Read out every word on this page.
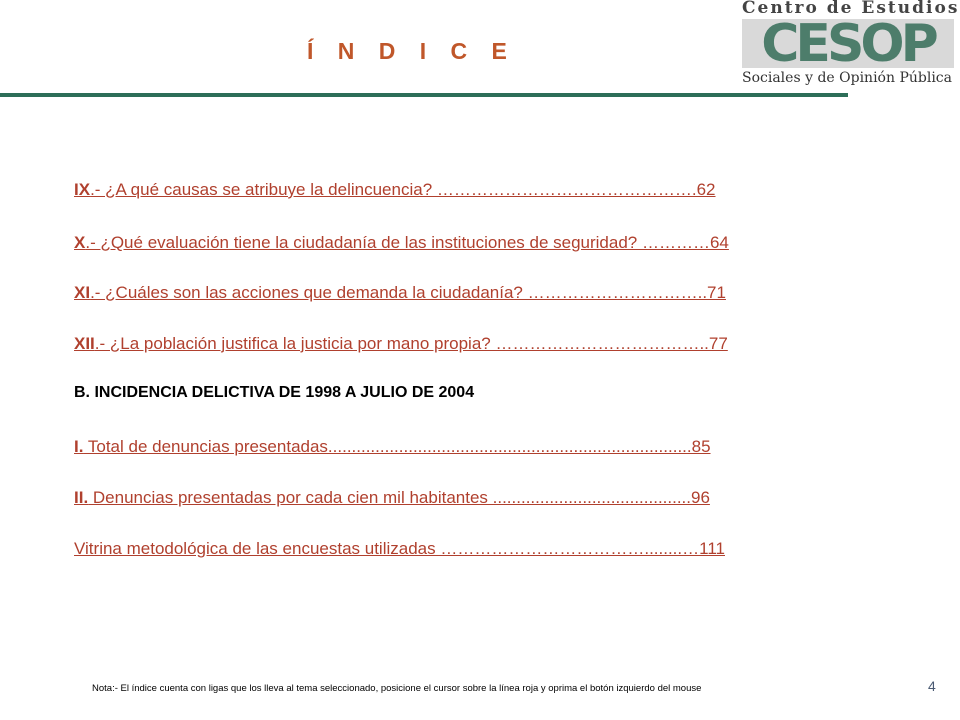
Í N D I C E
Centro de Estudios
CESOP
Sociales y de Opinión Pública
IX.- ¿A qué causas se atribuye la delincuencia? ……………………………………….62
X.- ¿Qué evaluación tiene la ciudadanía de las instituciones de seguridad? …………64
XI.- ¿Cuáles son las acciones que demanda la ciudadanía? …………………………..71
XII.- ¿La población justifica la justicia por mano propia? ………………………………..77
B. INCIDENCIA DELICTIVA DE 1998 A JULIO DE 2004
I. Total de denuncias presentadas.............................................................................85
II. Denuncias presentadas por cada cien mil habitantes ..........................................96
Vitrina metodológica de las encuestas utilizadas ………………………………........…111
Nota:- El índice cuenta con ligas que los lleva al tema seleccionado, posicione el cursor sobre la línea roja y oprima el botón izquierdo del mouse	4
